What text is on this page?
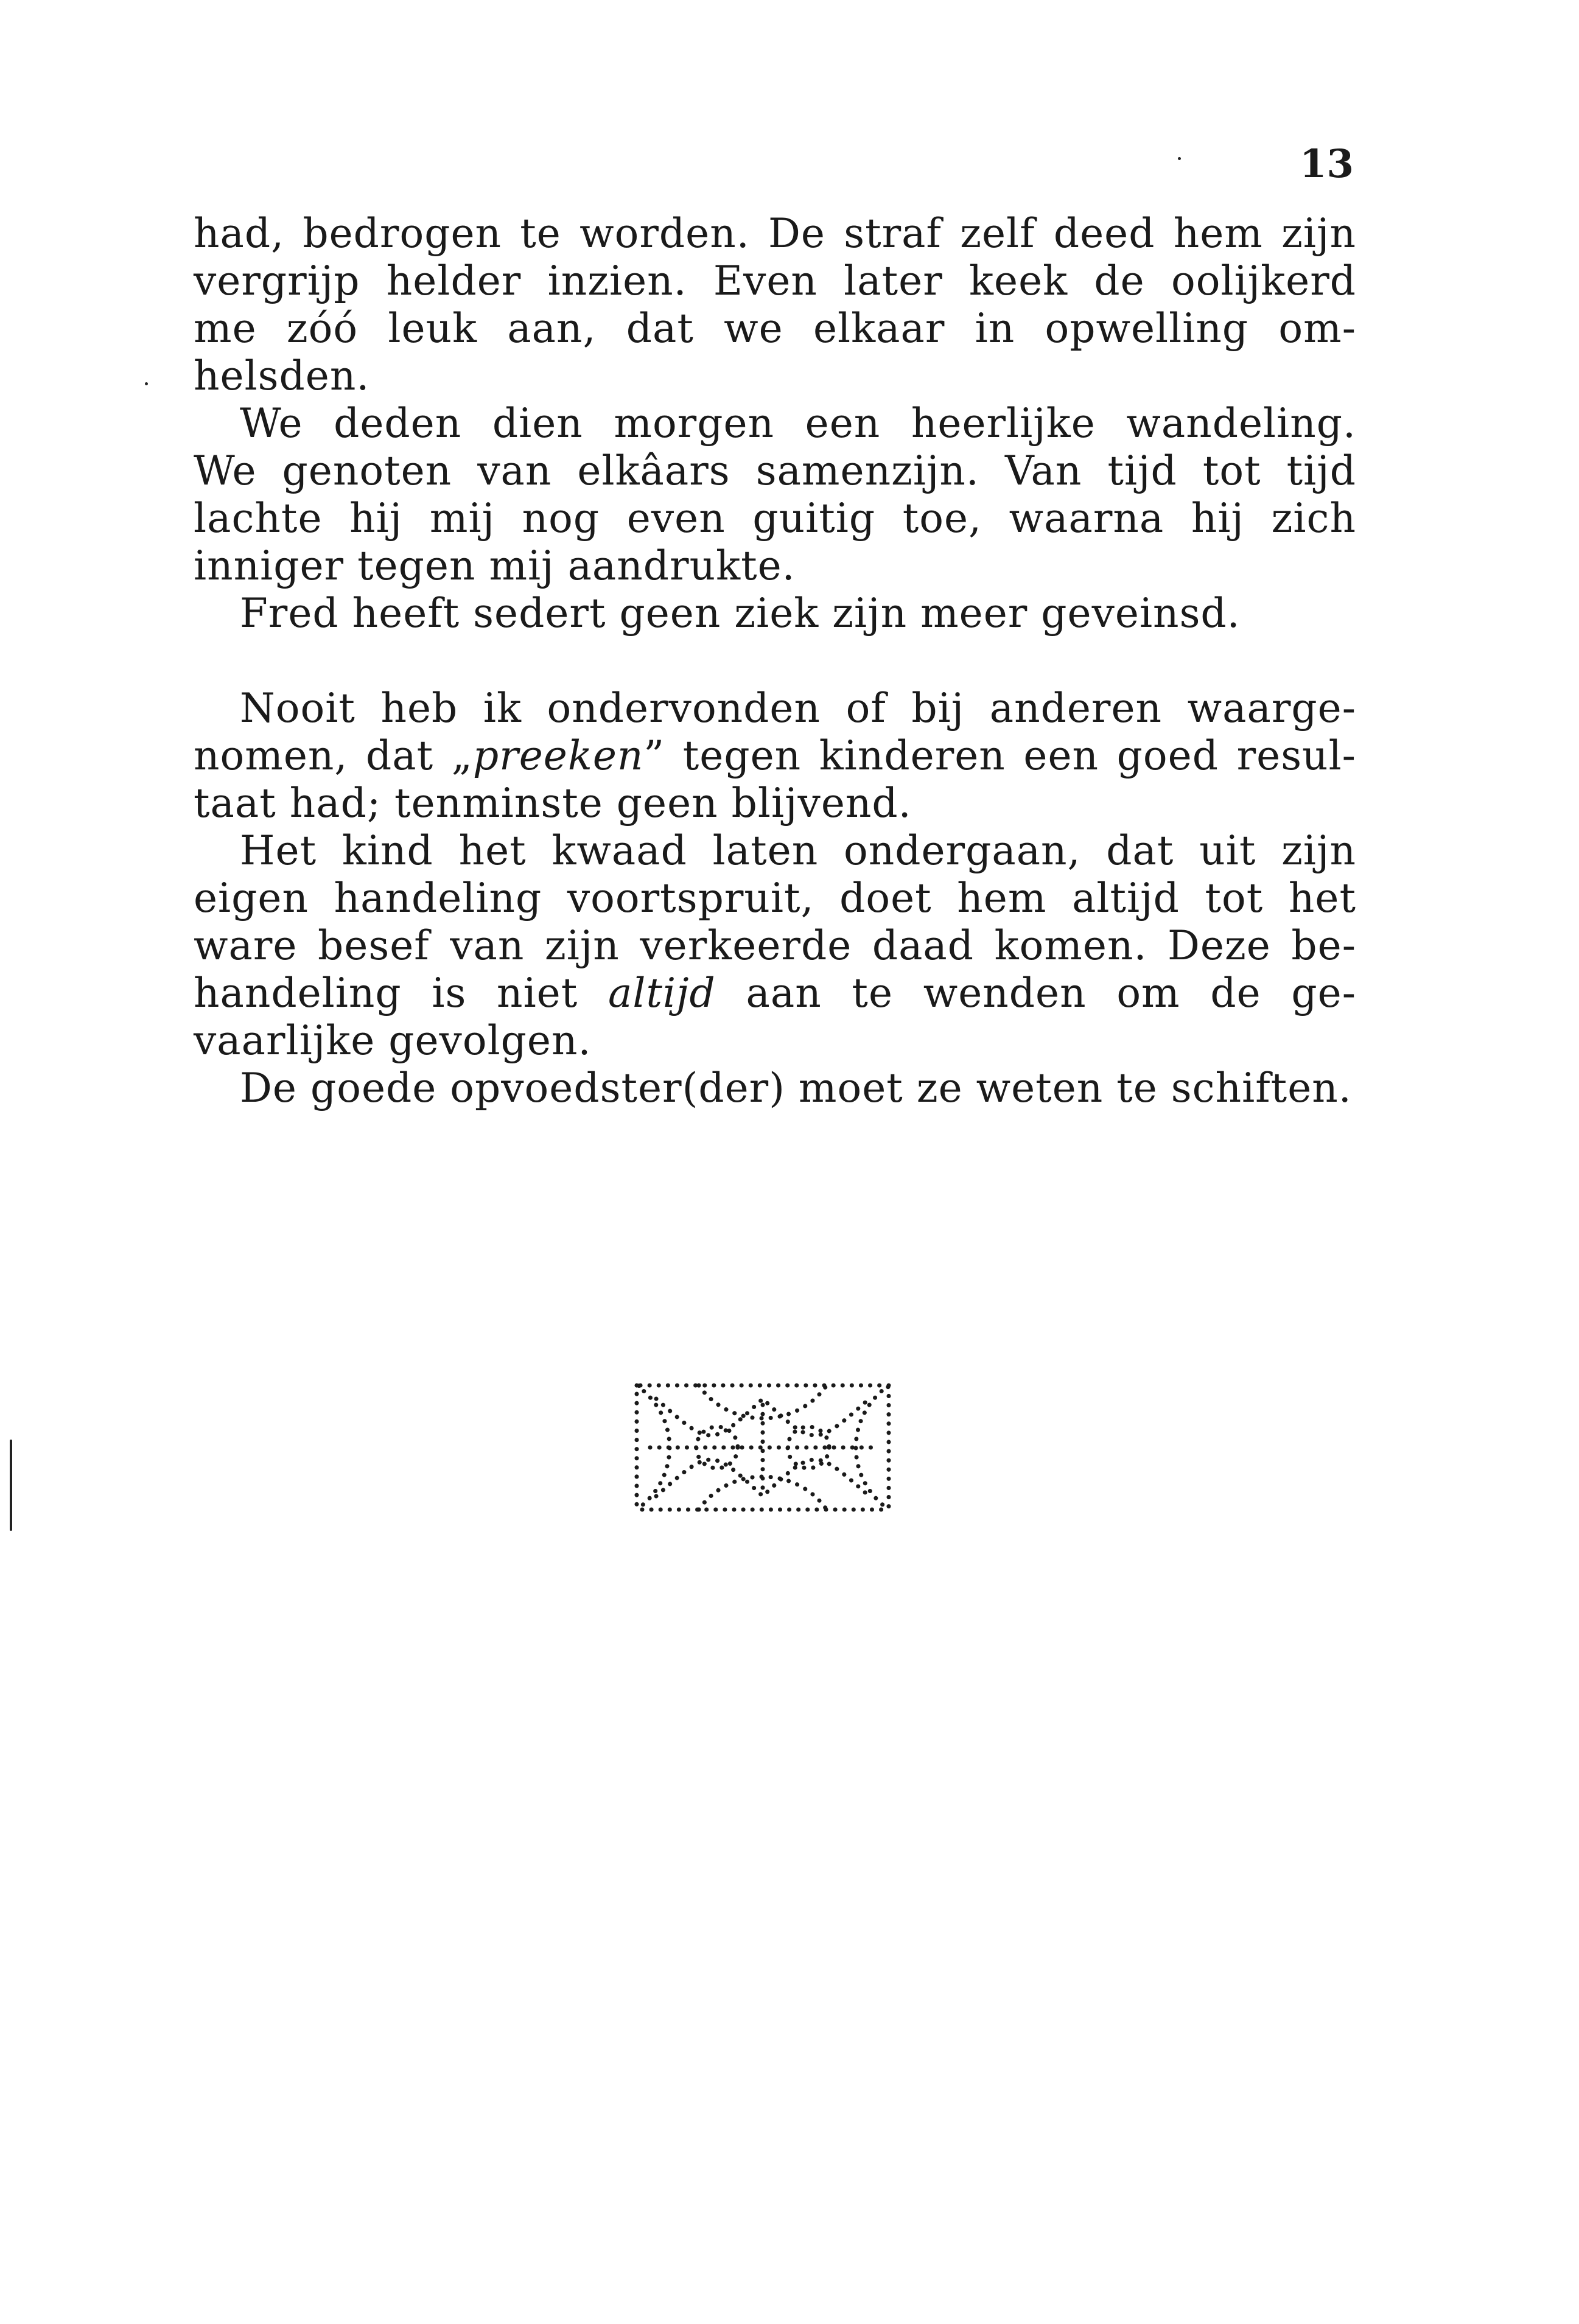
13

had, bedrogen te worden. De straf zelf deed hem zijn
vergrijp helder inzien. Even later keek de oolijkerd
me zóó leuk aan, dat we elkaar in opwelling om-
helsden.

We deden dien morgen een heerlijke wandeling.
We genoten van elkâars samenzijn. Van tijd tot tijd
lachte hij mij nog even guitig toe, waarna hij zich
inniger tegen mij aandrukte.

Fred heeft sedert geen ziek zijn meer geveinsd.

Nooit heb ik ondervonden of bij anderen waarge-
nomen, dat „preeken” tegen kinderen een goed resul-
taat had; tenminste geen blijvend.

Het kind het kwaad laten ondergaan, dat uit zijn
eigen handeling voortspruit, doet hem altijd tot het
ware besef van zijn verkeerde daad komen. Deze be-
handeling is niet altijd aan te wenden om de ge-
vaarlijke gevolgen.

De goede opvoedster(der) moet ze weten te schiften.
